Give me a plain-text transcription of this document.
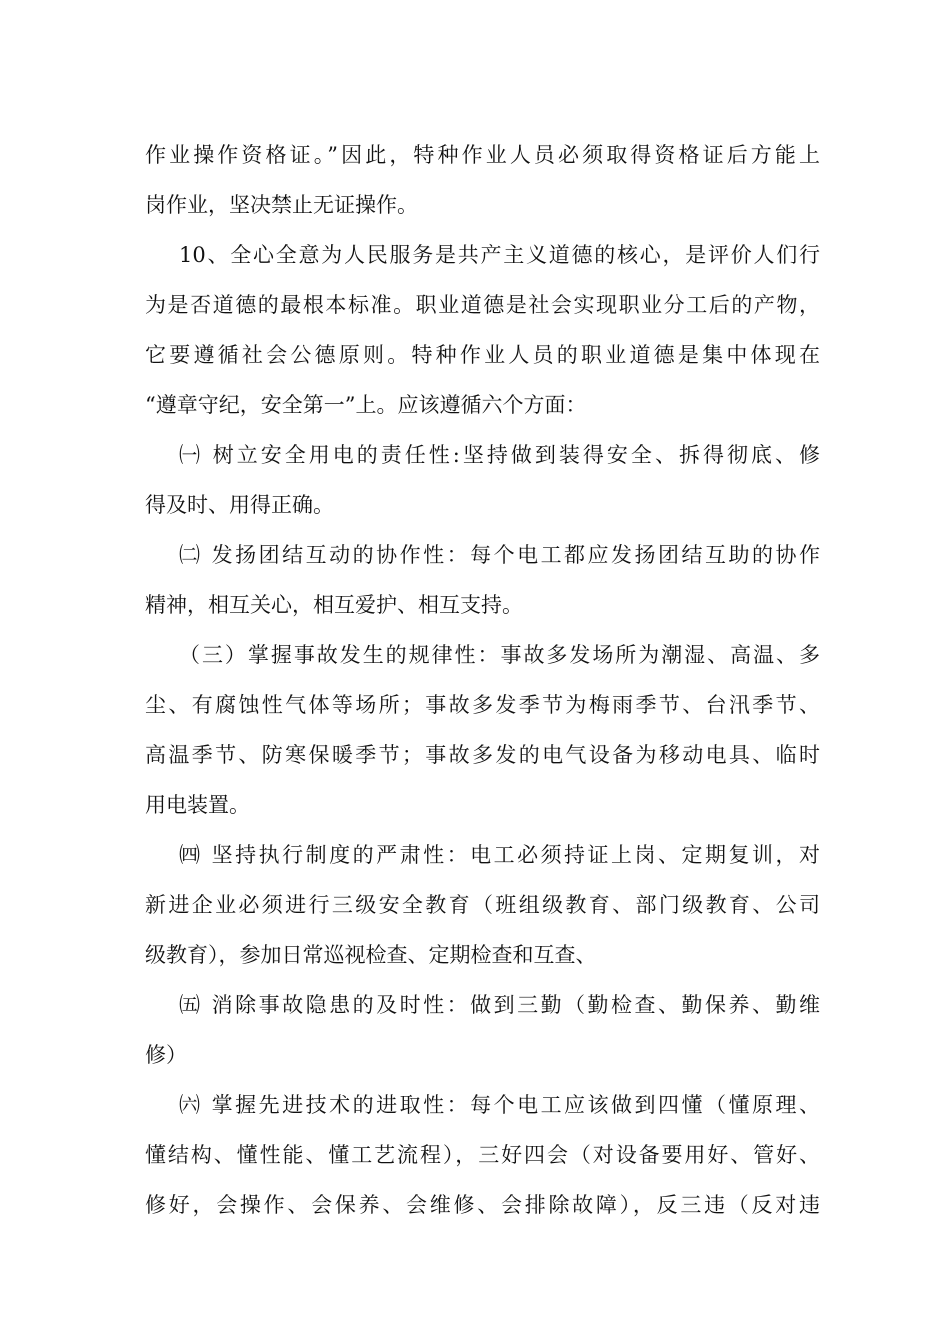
作业操作资格证。”因此，特种作业人员必须取得资格证后方能上
岗作业，坚决禁止无证操作。
10、全心全意为人民服务是共产主义道德的核心，是评价人们行
为是否道德的最根本标准。职业道德是社会实现职业分工后的产物，
它要遵循社会公德原则。特种作业人员的职业道德是集中体现在
“遵章守纪，安全第一”上。应该遵循六个方面：
㈠ 树立安全用电的责任性:坚持做到装得安全、拆得彻底、修
得及时、用得正确。
㈡ 发扬团结互动的协作性：每个电工都应发扬团结互助的协作
精神，相互关心，相互爱护、相互支持。
（三）掌握事故发生的规律性：事故多发场所为潮湿、高温、多
尘、有腐蚀性气体等场所；事故多发季节为梅雨季节、台汛季节、
高温季节、防寒保暖季节；事故多发的电气设备为移动电具、临时
用电装置。
㈣ 坚持执行制度的严肃性：电工必须持证上岗、定期复训，对
新进企业必须进行三级安全教育（班组级教育、部门级教育、公司
级教育），参加日常巡视检查、定期检查和互查、
㈤ 消除事故隐患的及时性：做到三勤（勤检查、勤保养、勤维
修）
㈥ 掌握先进技术的进取性：每个电工应该做到四懂（懂原理、
懂结构、懂性能、懂工艺流程），三好四会（对设备要用好、管好、
修好，会操作、会保养、会维修、会排除故障），反三违（反对违
